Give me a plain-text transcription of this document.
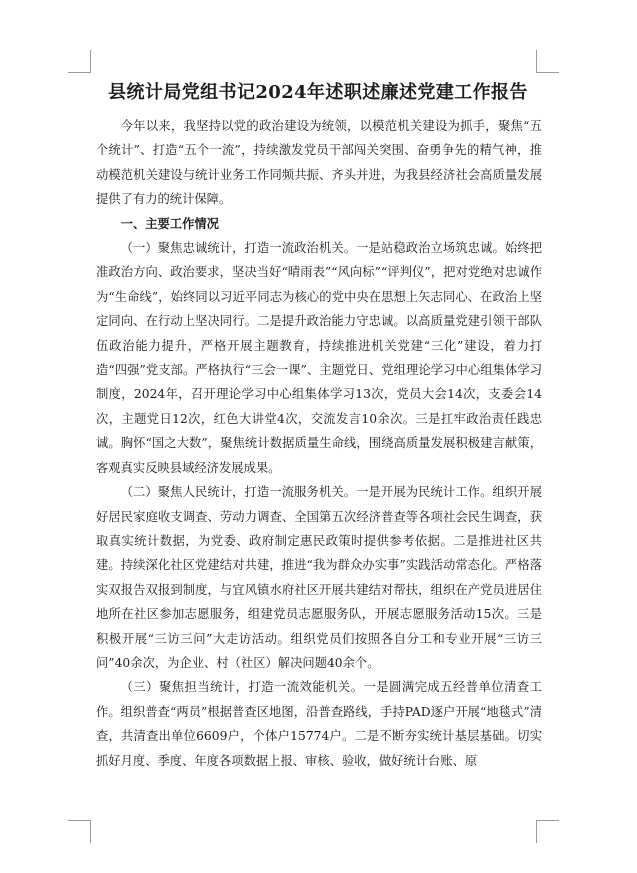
县统计局党组书记2024年述职述廉述党建工作报告

今年以来，我坚持以党的政治建设为统领，以模范机关建设为抓手，聚焦“五个统计”、打造“五个一流”，持续激发党员干部闯关突围、奋勇争先的精气神，推动模范机关建设与统计业务工作同频共振、齐头并进，为我县经济社会高质量发展提供了有力的统计保障。

一、主要工作情况

（一）聚焦忠诚统计，打造一流政治机关。一是站稳政治立场筑忠诚。始终把准政治方向、政治要求，坚决当好“晴雨表”“风向标”“评判仪”，把对党绝对忠诚作为“生命线”，始终同以习近平同志为核心的党中央在思想上矢志同心、在政治上坚定同向、在行动上坚决同行。二是提升政治能力守忠诚。以高质量党建引领干部队伍政治能力提升，严格开展主题教育，持续推进机关党建“三化”建设，着力打造“四强”党支部。严格执行“三会一课”、主题党日、党组理论学习中心组集体学习制度，2024年，召开理论学习中心组集体学习13次，党员大会14次，支委会14次，主题党日12次，红色大讲堂4次，交流发言10余次。三是扛牢政治责任践忠诚。胸怀“国之大数”，聚焦统计数据质量生命线，围绕高质量发展积极建言献策，客观真实反映县域经济发展成果。

（二）聚焦人民统计，打造一流服务机关。一是开展为民统计工作。组织开展好居民家庭收支调查、劳动力调查、全国第五次经济普查等各项社会民生调查，获取真实统计数据，为党委、政府制定惠民政策时提供参考依据。二是推进社区共建。持续深化社区党建结对共建，推进“我为群众办实事”实践活动常态化。严格落实双报告双报到制度，与宜风镇水府社区开展共建结对帮扶，组织在产党员进居住地所在社区参加志愿服务，组建党员志愿服务队，开展志愿服务活动15次。三是积极开展“三访三问”大走访活动。组织党员们按照各自分工和专业开展“三访三问”40余次，为企业、村（社区）解决问题40余个。

（三）聚焦担当统计，打造一流效能机关。一是圆满完成五经普单位清查工作。组织普查“两员”根据普查区地图，沿普查路线，手持PAD逐户开展“地毯式”清查，共清查出单位6609户，个体户15774户。二是不断夯实统计基层基础。切实抓好月度、季度、年度各项数据上报、审核、验收，做好统计台账、原
